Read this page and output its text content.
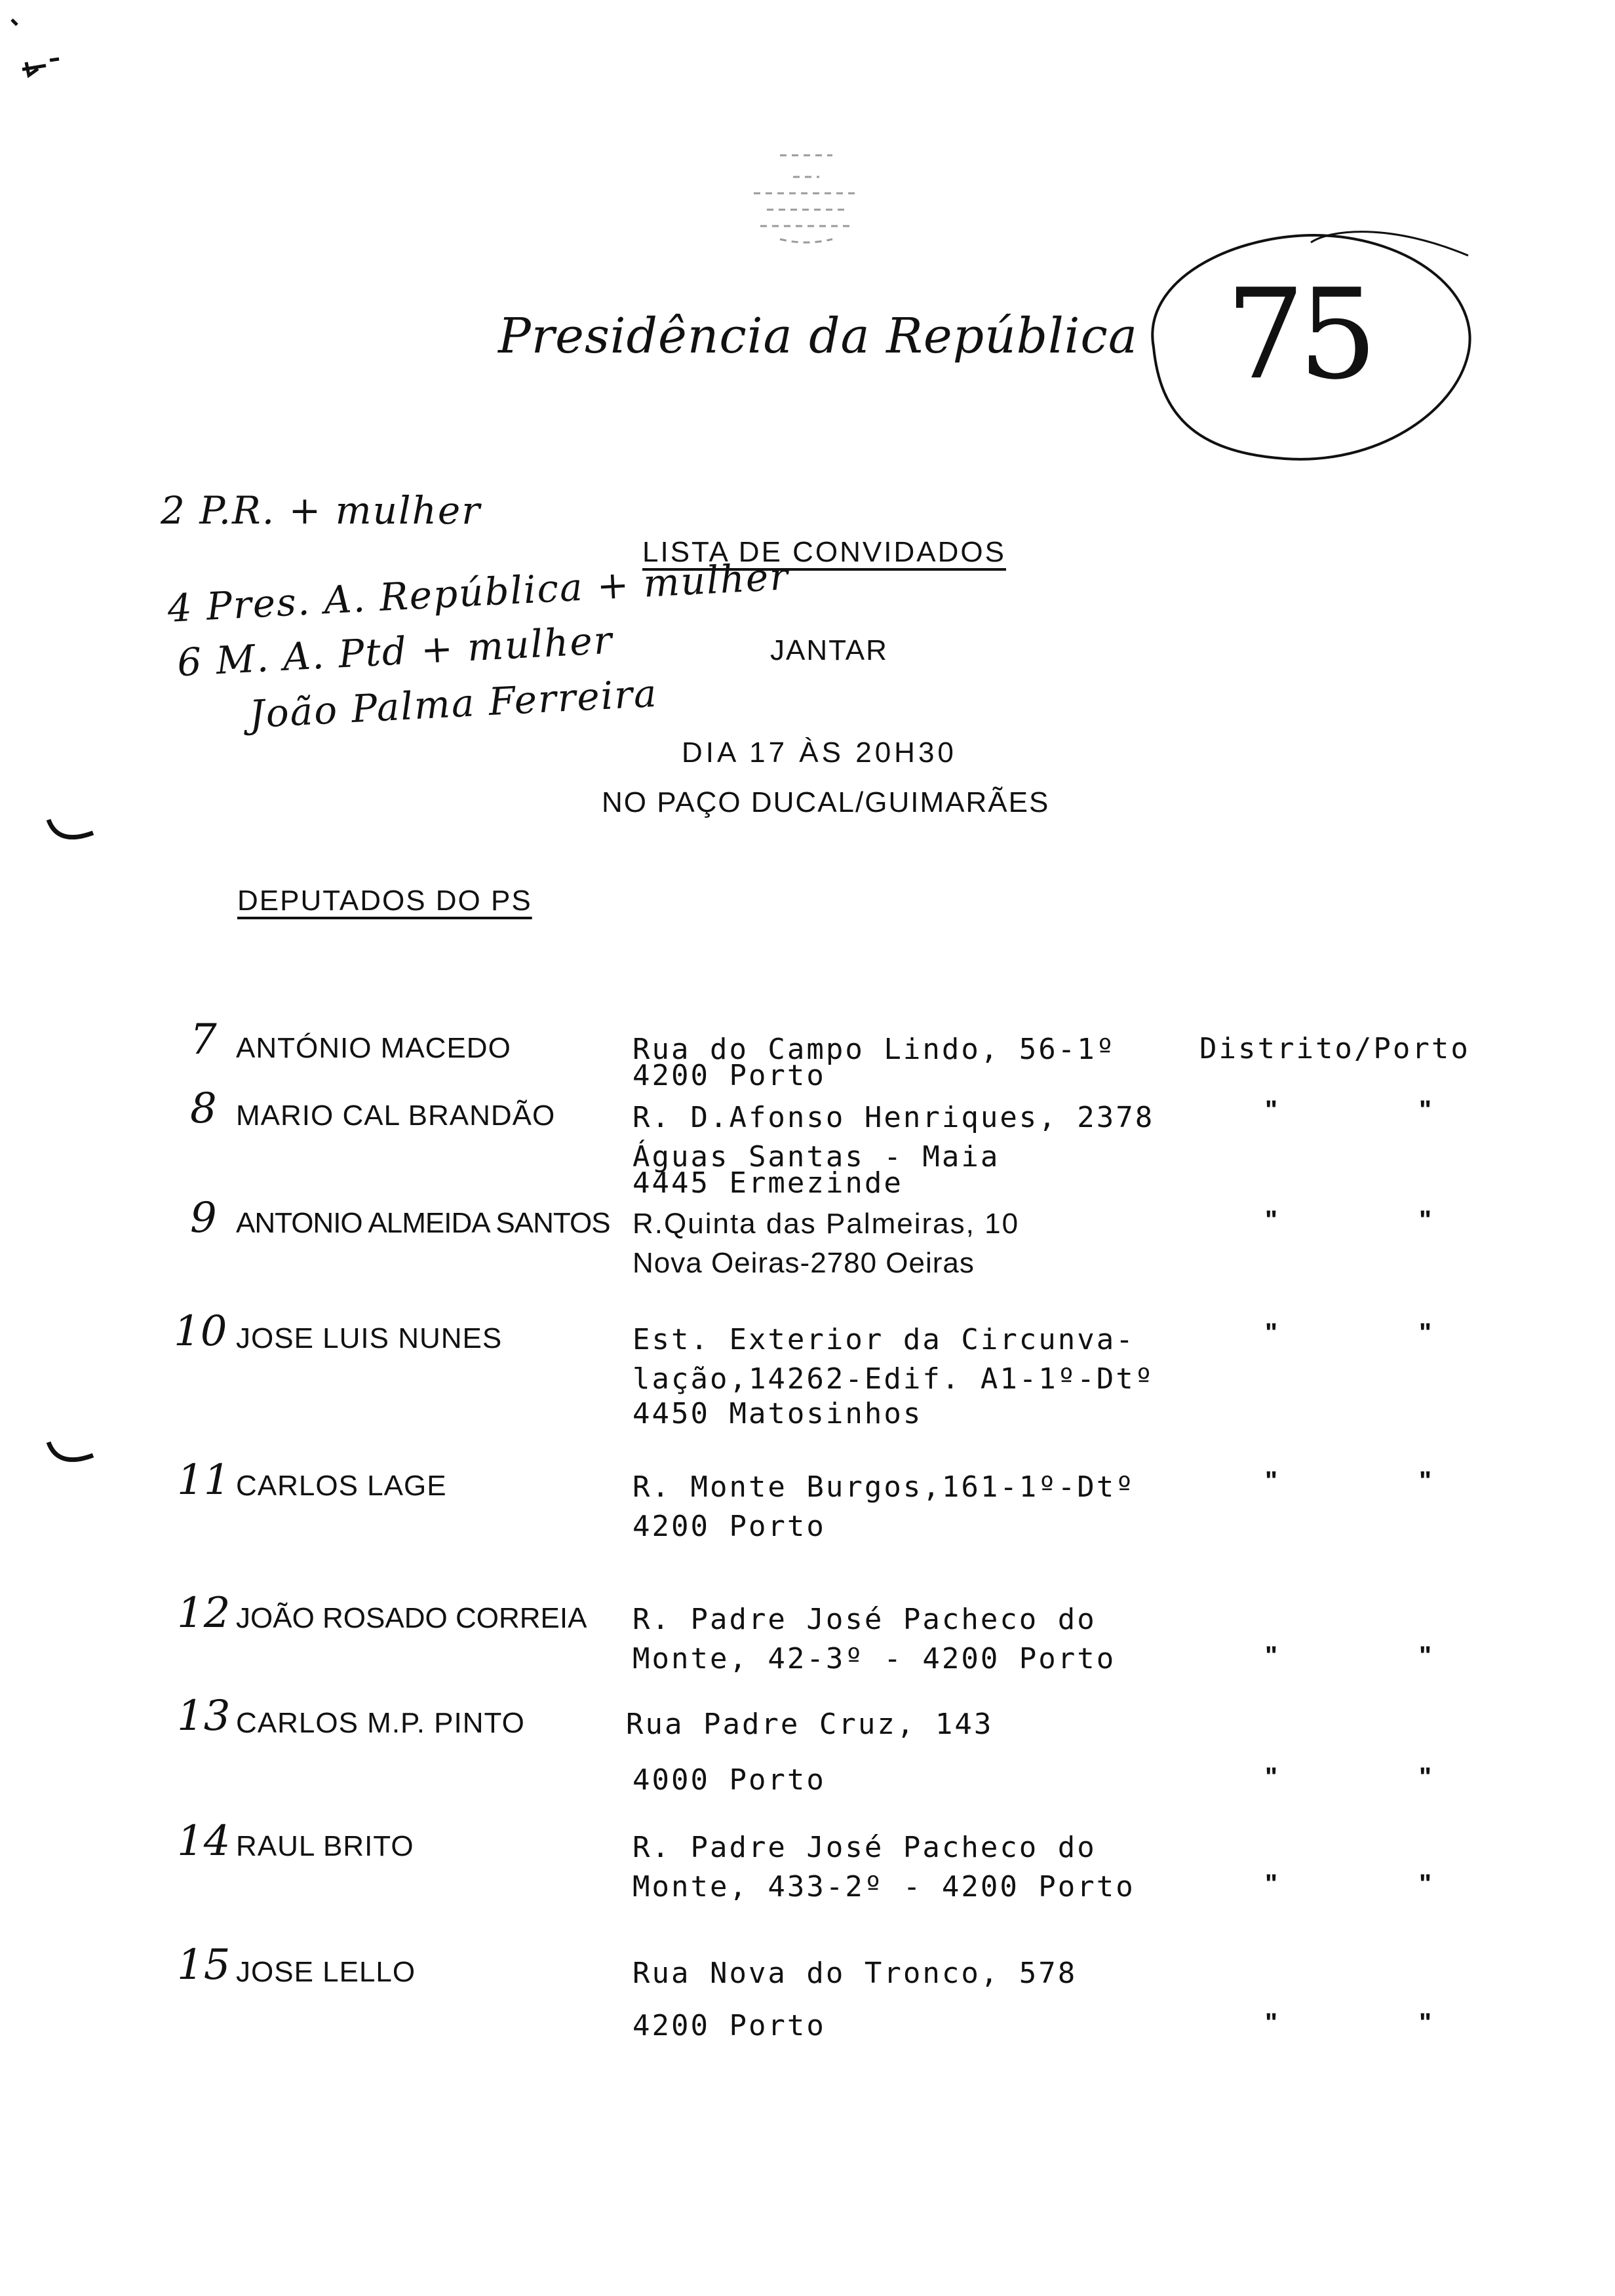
Presidência da República 75
2 P.R. + mulher
4 Pres. A. República + mulher
6 M. A. Ptd + mulher
João Palma Ferreira
LISTA DE CONVIDADOS
JANTAR
DIA 17 ÀS 20H30
NO PAÇO DUCAL/GUIMARÃES
DEPUTADOS DO PS
7 ANTÓNIO MACEDO	Rua do Campo Lindo, 56-1º
4200 Porto
Distrito/Porto
8 MARIO CAL BRANDÃO	R. D.Afonso Henriques, 2378
Águas Santas - Maia
4445 Ermezinde
"	"
9 ANTONIO ALMEIDA SANTOS R.Quinta das Palmeiras, 10
Nova Oeiras-2780 Oeiras
"	"
10 JOSE LUIS NUNES	Est. Exterior da Circunva-
lação,14262-Edif. A1-1º-Dtº
4450 Matosinhos
"	"
11 CARLOS LAGE	R. Monte Burgos,161-1º-Dtº
4200 Porto
"	"
12 JOÃO ROSADO CORREIA R. Padre José Pacheco do
Monte, 42-3º - 4200 Porto	"	"
13 CARLOS M.P. PINTO	Rua Padre Cruz, 143
4000 Porto	"	"
14 RAUL BRITO	R. Padre José Pacheco do
Monte, 433-2º - 4200 Porto	"	"
15 JOSE LELLO	Rua Nova do Tronco, 578
4200 Porto	"	"
